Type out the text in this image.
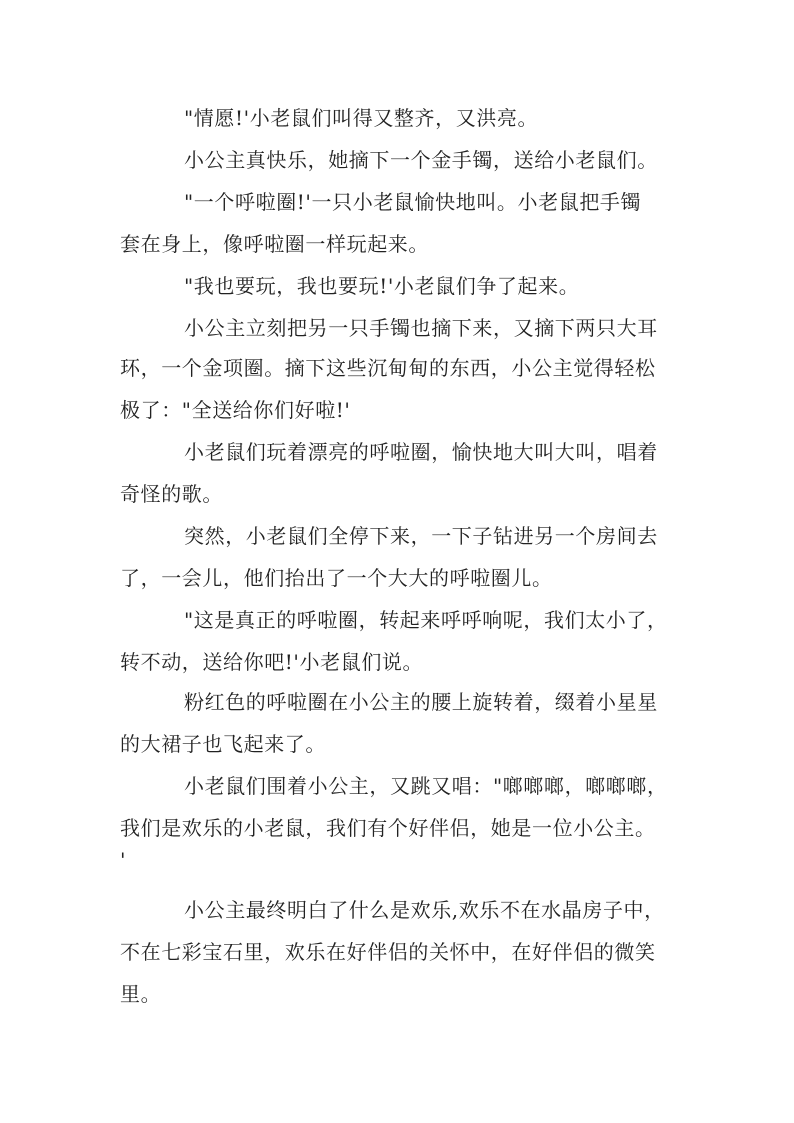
"情愿!'小老鼠们叫得又整齐，又洪亮。
小公主真快乐，她摘下一个金手镯，送给小老鼠们。
"一个呼啦圈!'一只小老鼠愉快地叫。小老鼠把手镯
套在身上，像呼啦圈一样玩起来。
"我也要玩，我也要玩!'小老鼠们争了起来。
小公主立刻把另一只手镯也摘下来，又摘下两只大耳
环，一个金项圈。摘下这些沉甸甸的东西，小公主觉得轻松
极了："全送给你们好啦!'
小老鼠们玩着漂亮的呼啦圈，愉快地大叫大叫，唱着
奇怪的歌。
突然，小老鼠们全停下来，一下子钻进另一个房间去
了，一会儿，他们抬出了一个大大的呼啦圈儿。
"这是真正的呼啦圈，转起来呼呼响呢，我们太小了，
转不动，送给你吧!'小老鼠们说。
粉红色的呼啦圈在小公主的腰上旋转着，缀着小星星
的大裙子也飞起来了。
小老鼠们围着小公主，又跳又唱："啷啷啷，啷啷啷，
我们是欢乐的小老鼠，我们有个好伴侣，她是一位小公主。
'
小公主最终明白了什么是欢乐,欢乐不在水晶房子中，
不在七彩宝石里，欢乐在好伴侣的关怀中，在好伴侣的微笑
里。
